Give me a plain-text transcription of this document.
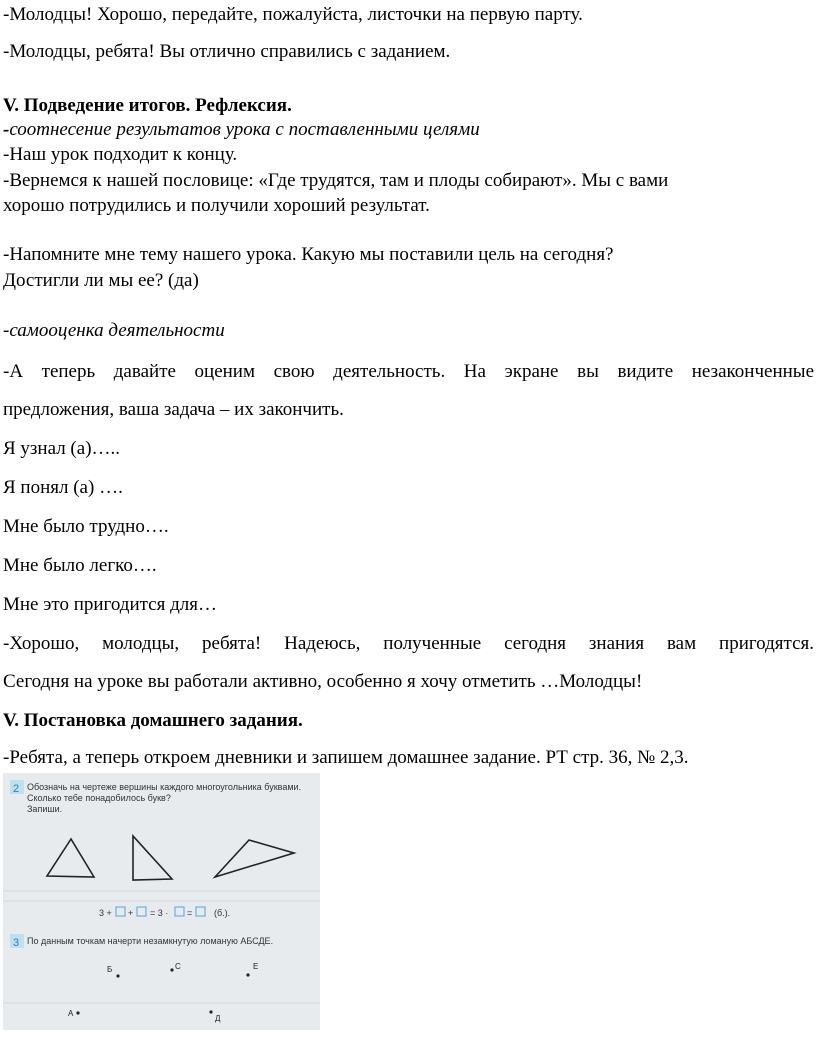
-Молодцы! Хорошо, передайте, пожалуйста, листочки на первую парту.
-Молодцы, ребята! Вы отлично справились с заданием.
V. Подведение итогов. Рефлексия.
-соотнесение результатов урока с поставленными целями
-Наш урок подходит к концу.
-Вернемся к нашей пословице: «Где трудятся, там и плоды собирают». Мы с вами
хорошо потрудились и получили хороший результат.
-Напомните мне тему нашего урока. Какую мы поставили цель на сегодня?
Достигли ли мы ее? (да)
-самооценка деятельности
-А теперь давайте оценим свою деятельность. На экране вы видите незаконченные
предложения, ваша задача – их закончить.
Я узнал (а)…..
Я понял (а) ….
Мне было трудно….
Мне было легко….
Мне это пригодится для…
-Хорошо, молодцы, ребята! Надеюсь, полученные сегодня знания вам пригодятся.
Сегодня на уроке вы работали активно, особенно я хочу отметить …Молодцы!
V. Постановка домашнего задания.
-Ребята, а теперь откроем дневники и запишем домашнее задание. РТ стр. 36, № 2,3.
2 Обозначь на чертеже вершины каждого многоугольника буквами.
Сколько тебе понадобилось букв?
Запиши.
3 + + = 3 · = (б.).
3 По данным точкам начерти незамкнутую ломаную АБСДЕ.
Б	С	Е
А
Д
